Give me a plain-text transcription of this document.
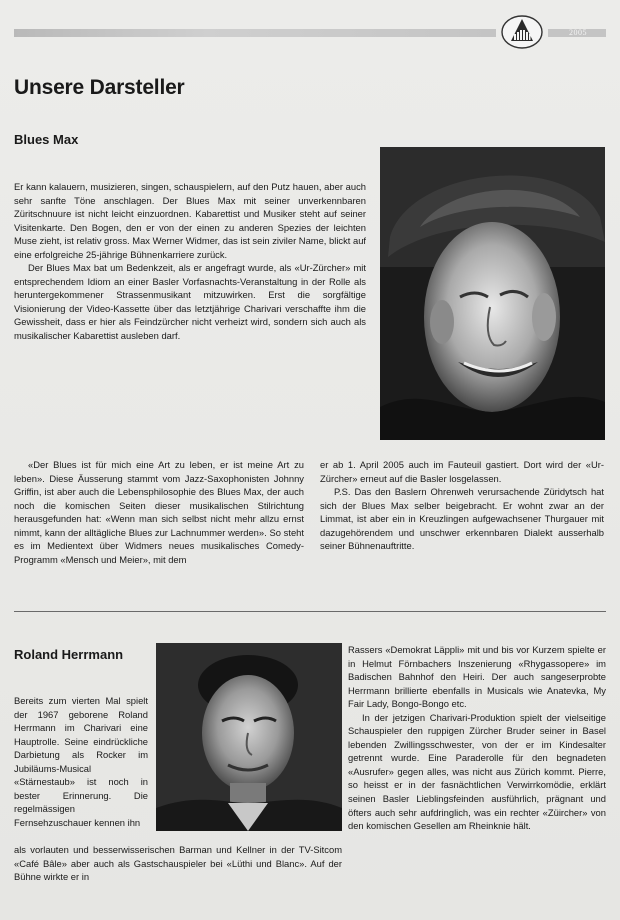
2005
Unsere Darsteller
Blues Max

Er kann kalauern, musizieren, singen, schauspielern, auf den Putz hauen, aber auch sehr sanfte Töne anschlagen. Der Blues Max mit seiner unverkennbaren Züritschnuure ist nicht leicht einzuordnen. Kabarettist und Musiker steht auf seiner Visitenkarte. Den Bogen, den er von der einen zu anderen Spezies der leichten Muse zieht, ist relativ gross. Max Werner Widmer, das ist sein ziviler Name, blickt auf eine erfolgreiche 25-jährige Bühnenkarriere zurück.

Der Blues Max bat um Bedenkzeit, als er angefragt wurde, als «Ur-Zürcher» mit entsprechendem Idiom an einer Basler Vorfasnachts-Veranstaltung in der Rolle als heruntergekommener Strassenmusikant mitzuwirken. Erst die sorgfältige Visionierung der Video-Kassette über das letztjährige Charivari verschaffte ihm die Gewissheit, dass er hier als Feindzürcher nicht verheizt wird, sondern sich auch als musikalischer Kabarettist ausleben darf.

«Der Blues ist für mich eine Art zu leben, er ist meine Art zu leben». Diese Äusserung stammt vom Jazz-Saxophonisten Johnny Griffin, ist aber auch die Lebensphilosophie des Blues Max, der auch noch die komischen Seiten dieser musikalischen Stilrichtung herausgefunden hat: «Wenn man sich selbst nicht mehr allzu ernst nimmt, kann der alltägliche Blues zur Lachnummer werden». So steht es im Medientext über Widmers neues musikalisches Comedy-Programm «Mensch und Meier», mit dem

er ab 1. April 2005 auch im Fauteuil gastiert. Dort wird der «Ur-Zürcher» erneut auf die Basler losgelassen.

P.S. Das den Baslern Ohrenweh verursachende Züridytsch hat sich der Blues Max selber beigebracht. Er wohnt zwar an der Limmat, ist aber ein in Kreuzlingen aufgewachsener Thurgauer mit dazugehörendem und unschwer erkennbaren Dialekt ausserhalb seiner Bühnenauftritte.

Roland Herrmann

Bereits zum vierten Mal spielt der 1967 geborene Roland Herrmann im Charivari eine Hauptrolle. Seine eindrückliche Darbietung als Rocker im Jubiläums-Musical «Stärnestaub» ist noch in bester Erinnerung. Die regelmässigen Fernsehzuschauer kennen ihn

als vorlauten und besserwisserischen Barman und Kellner in der TV-Sitcom «Café Bâle» aber auch als Gastschauspieler bei «Lüthi und Blanc». Auf der Bühne wirkte er in

Rassers «Demokrat Läppli» mit und bis vor Kurzem spielte er in Helmut Förnbachers Inszenierung «Rhygassopere» im Badischen Bahnhof den Heiri. Der auch sangeserprobte Herrmann brillierte ebenfalls in Musicals wie Anatevka, My Fair Lady, Bongo-Bongo etc.

In der jetzigen Charivari-Produktion spielt der vielseitige Schauspieler den ruppigen Zürcher Bruder seiner in Basel lebenden Zwillingsschwester, von der er im Kindesalter getrennt wurde. Eine Paraderolle für den begnadeten «Ausrufer» gegen alles, was nicht aus Zürich kommt. Pierre, so heisst er in der fasnächtlichen Verwirrkomödie, erklärt seinen Basler Lieblingsfeinden ausführlich, prägnant und öfters auch sehr aufdringlich, was ein rechter «Züircher» von den komischen Gesellen am Rheinknie hält.
